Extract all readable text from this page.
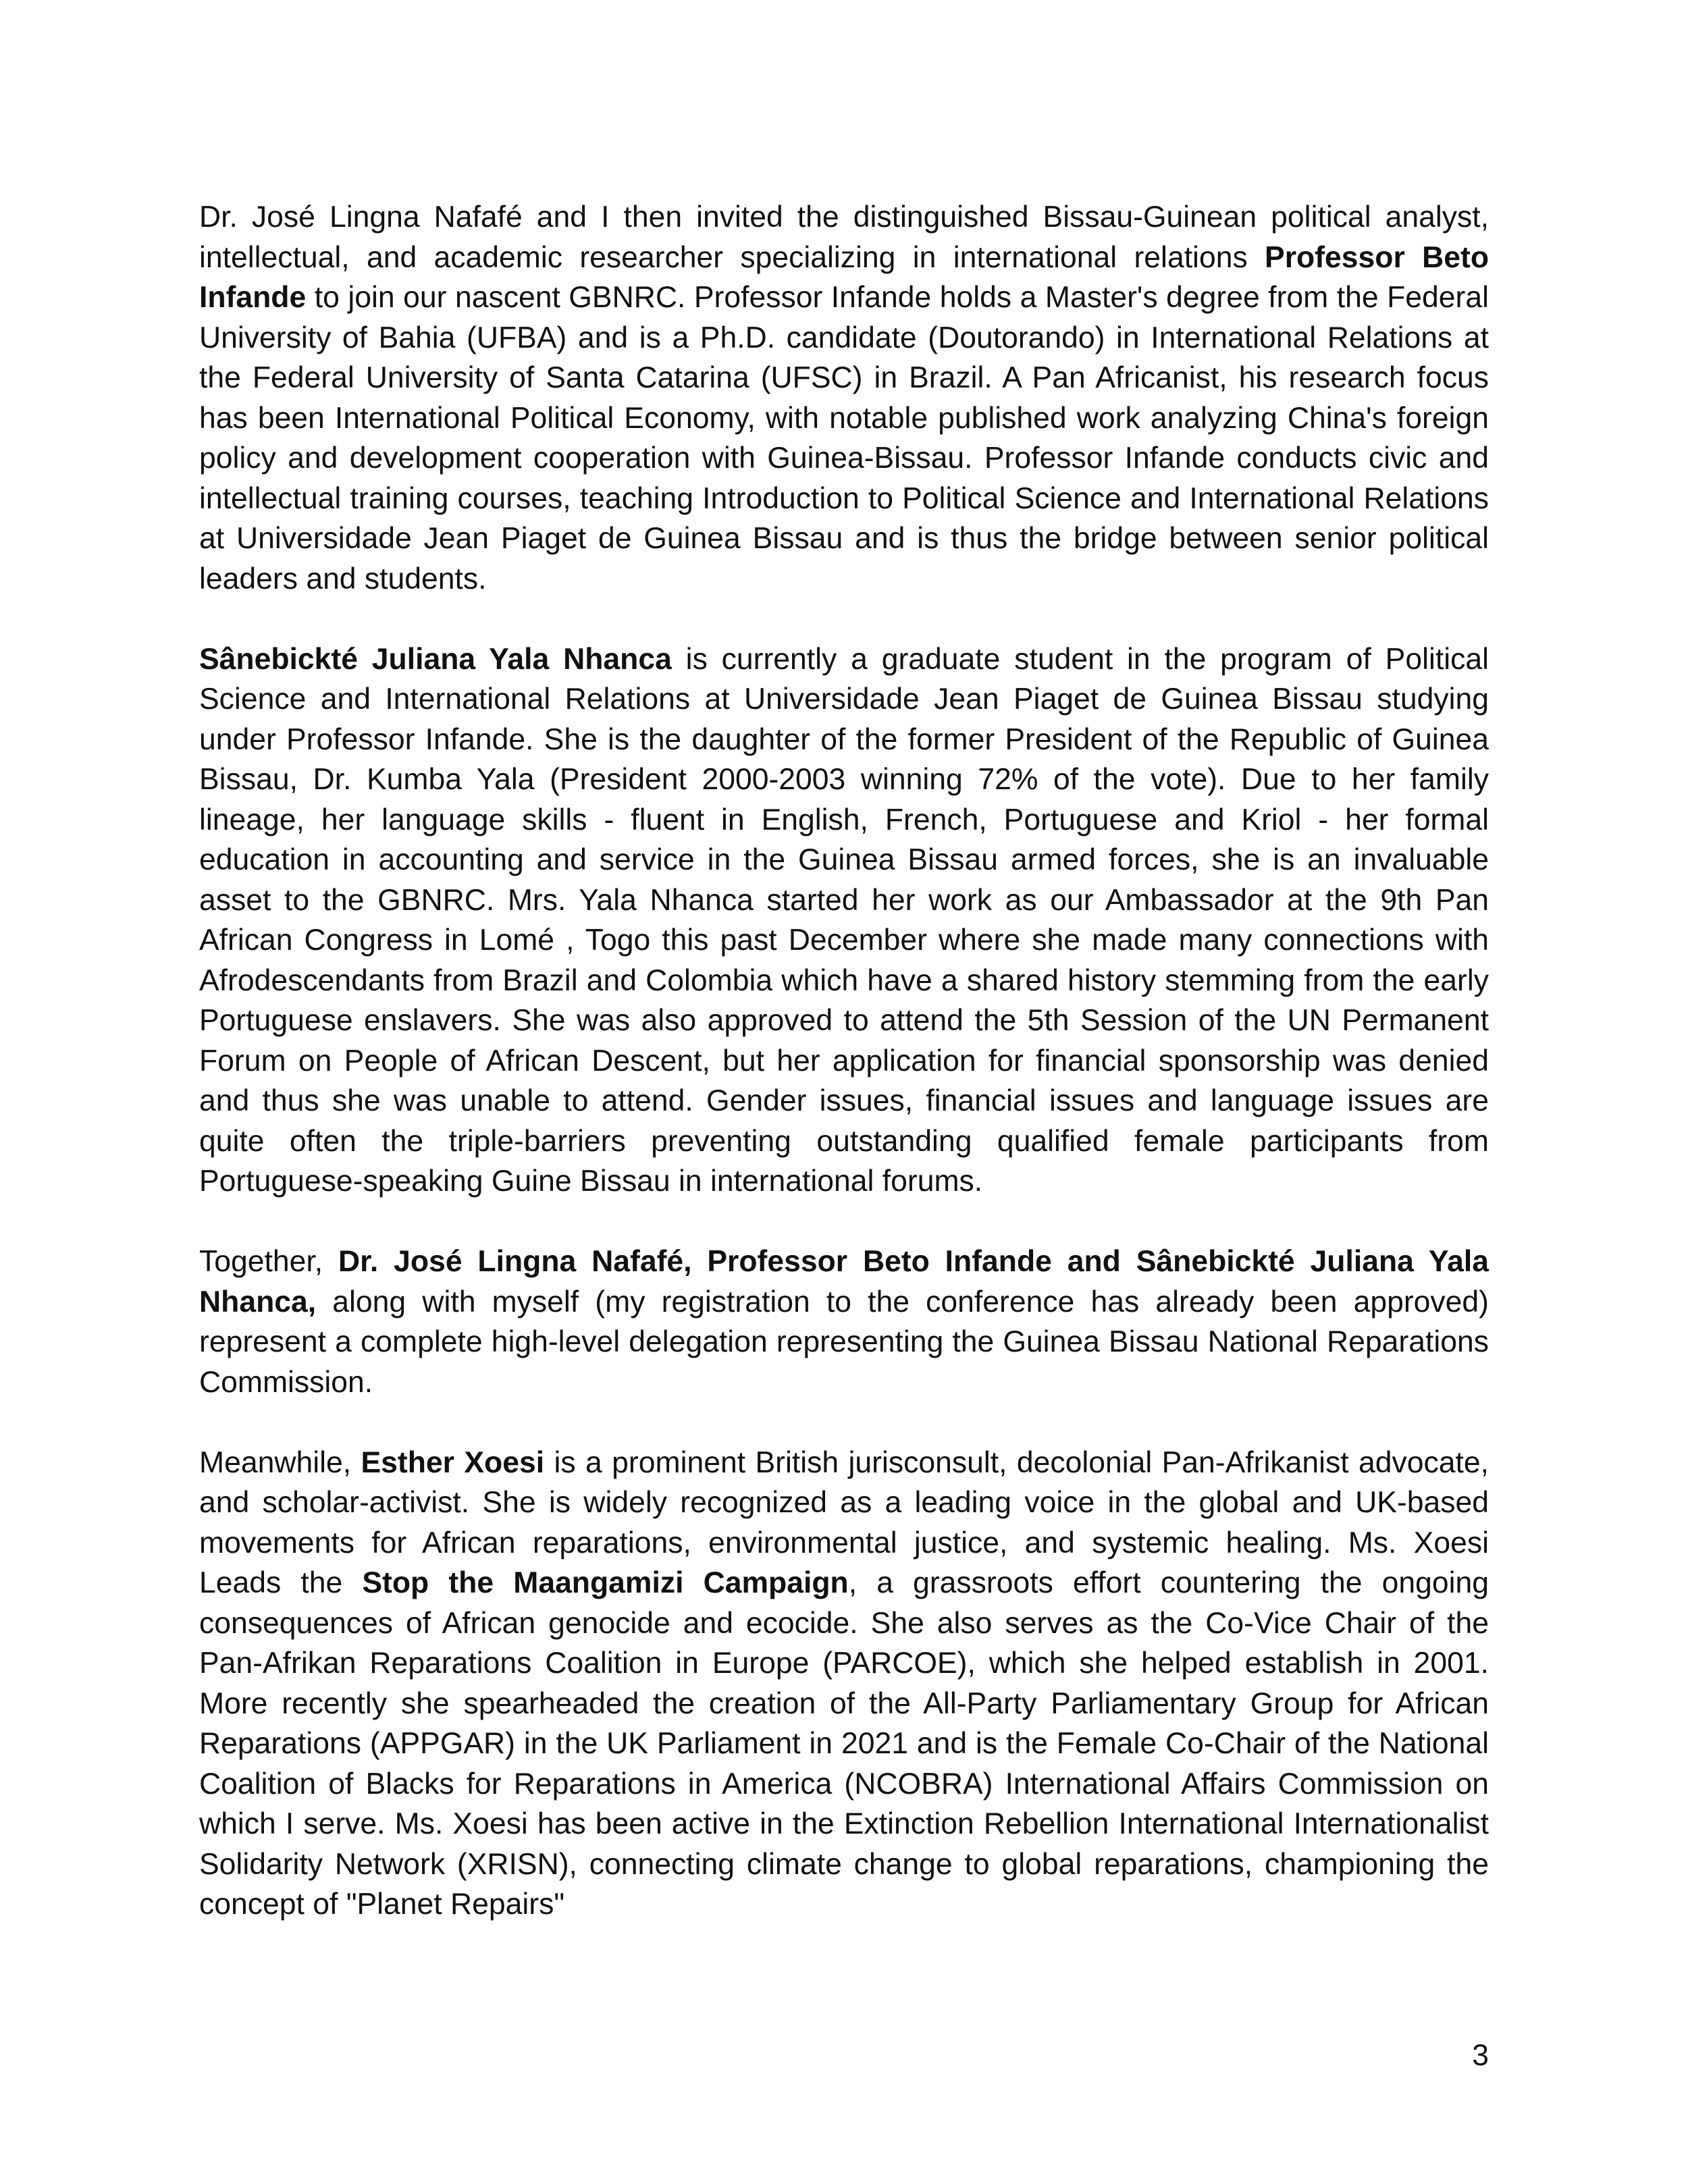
Dr. José Lingna Nafafé and I then invited the distinguished Bissau-Guinean political analyst, intellectual, and academic researcher specializing in international relations Professor Beto Infande to join our nascent GBNRC. Professor Infande holds a Master's degree from the Federal University of Bahia (UFBA) and is a Ph.D. candidate (Doutorando) in International Relations at the Federal University of Santa Catarina (UFSC) in Brazil. A Pan Africanist, his research focus has been International Political Economy, with notable published work analyzing China's foreign policy and development cooperation with Guinea-Bissau. Professor Infande conducts civic and intellectual training courses, teaching Introduction to Political Science and International Relations at Universidade Jean Piaget de Guinea Bissau and is thus the bridge between senior political leaders and students.

Sânebickté Juliana Yala Nhanca is currently a graduate student in the program of Political Science and International Relations at Universidade Jean Piaget de Guinea Bissau studying under Professor Infande. She is the daughter of the former President of the Republic of Guinea Bissau, Dr. Kumba Yala (President 2000-2003 winning 72% of the vote). Due to her family lineage, her language skills - fluent in English, French, Portuguese and Kriol - her formal education in accounting and service in the Guinea Bissau armed forces, she is an invaluable asset to the GBNRC. Mrs. Yala Nhanca started her work as our Ambassador at the 9th Pan African Congress in Lomé , Togo this past December where she made many connections with Afrodescendants from Brazil and Colombia which have a shared history stemming from the early Portuguese enslavers. She was also approved to attend the 5th Session of the UN Permanent Forum on People of African Descent, but her application for financial sponsorship was denied and thus she was unable to attend. Gender issues, financial issues and language issues are quite often the triple-barriers preventing outstanding qualified female participants from Portuguese-speaking Guine Bissau in international forums.

Together, Dr. José Lingna Nafafé, Professor Beto Infande and Sânebickté Juliana Yala Nhanca, along with myself (my registration to the conference has already been approved) represent a complete high-level delegation representing the Guinea Bissau National Reparations Commission.

Meanwhile, Esther Xoesi is a prominent British jurisconsult, decolonial Pan-Afrikanist advocate, and scholar-activist. She is widely recognized as a leading voice in the global and UK-based movements for African reparations, environmental justice, and systemic healing. Ms. Xoesi Leads the Stop the Maangamizi Campaign, a grassroots effort countering the ongoing consequences of African genocide and ecocide. She also serves as the Co-Vice Chair of the Pan-Afrikan Reparations Coalition in Europe (PARCOE), which she helped establish in 2001. More recently she spearheaded the creation of the All-Party Parliamentary Group for African Reparations (APPGAR) in the UK Parliament in 2021 and is the Female Co-Chair of the National Coalition of Blacks for Reparations in America (NCOBRA) International Affairs Commission on which I serve. Ms. Xoesi has been active in the Extinction Rebellion International Internationalist Solidarity Network (XRISN), connecting climate change to global reparations, championing the concept of "Planet Repairs"

3
